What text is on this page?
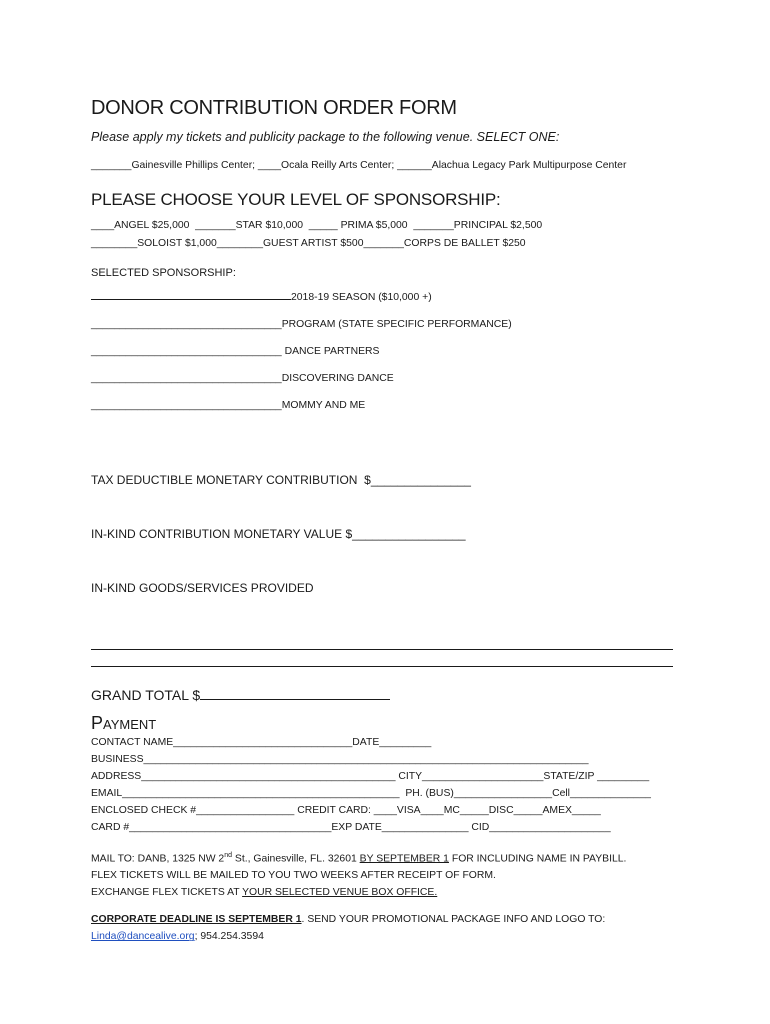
DONOR CONTRIBUTION ORDER FORM
Please apply my tickets and publicity package to the following venue. SELECT ONE:
_______Gainesville Phillips Center; ____Ocala Reilly Arts Center; ______Alachua Legacy Park Multipurpose Center
PLEASE CHOOSE YOUR LEVEL OF SPONSORSHIP:
____ANGEL $25,000  _______STAR $10,000  _____ PRIMA $5,000  _______PRINCIPAL $2,500
________SOLOIST $1,000________GUEST ARTIST $500_______CORPS DE BALLET $250
SELECTED SPONSORSHIP:
2018-19 SEASON ($10,000 +)
_________________________________PROGRAM (STATE SPECIFIC PERFORMANCE)
_________________________________ DANCE PARTNERS
_________________________________DISCOVERING DANCE
_________________________________MOMMY AND ME

TAX DEDUCTIBLE MONETARY CONTRIBUTION  $_______________

IN-KIND CONTRIBUTION MONETARY VALUE $_________________

IN-KIND GOODS/SERVICES PROVIDED

GRAND TOTAL $
Payment
CONTACT NAME_______________________________DATE_________
BUSINESS_____________________________________________________________________________
ADDRESS____________________________________________ CITY_____________________STATE/ZIP _________
EMAIL________________________________________________  PH. (BUS)_________________Cell______________
ENCLOSED CHECK #_________________ CREDIT CARD: ____VISA____MC_____DISC_____AMEX_____
CARD #___________________________________EXP DATE_______________ CID_____________________
MAIL TO: DANB, 1325 NW 2nd St., Gainesville, FL. 32601 BY SEPTEMBER 1 FOR INCLUDING NAME IN PAYBILL.
FLEX TICKETS WILL BE MAILED TO YOU TWO WEEKS AFTER RECEIPT OF FORM.
EXCHANGE FLEX TICKETS AT YOUR SELECTED VENUE BOX OFFICE.
CORPORATE DEADLINE IS SEPTEMBER 1. SEND YOUR PROMOTIONAL PACKAGE INFO AND LOGO TO:
Linda@dancealive.org; 954.254.3594
